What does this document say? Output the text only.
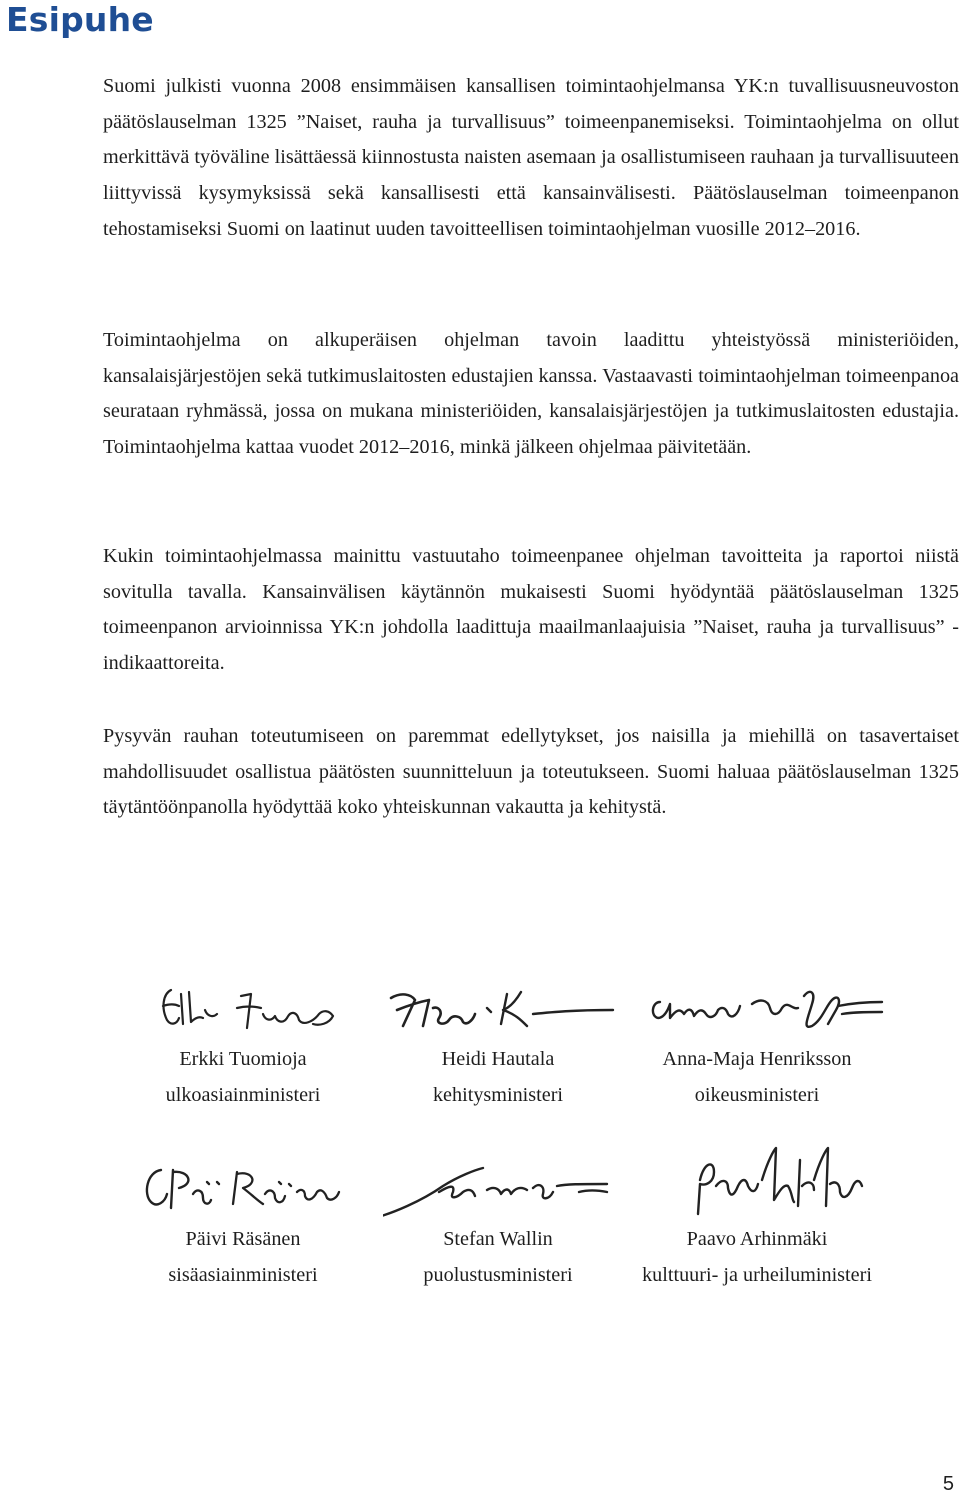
Esipuhe

Suomi julkisti vuonna 2008 ensimmäisen kansallisen toimintaohjelmansa YK:n tuvallisuusneuvoston päätöslauselman 1325 ”Naiset, rauha ja turvallisuus” toimeenpanemiseksi. Toimintaohjelma on ollut merkittävä työväline lisättäessä kiinnostusta naisten asemaan ja osallistumiseen rauhaan ja turvallisuuteen liittyvissä kysymyksissä sekä kansallisesti että kansainvälisesti. Päätöslauselman toimeenpanon tehostamiseksi Suomi on laatinut uuden tavoitteellisen toimintaohjelman vuosille 2012–2016.

Toimintaohjelma on alkuperäisen ohjelman tavoin laadittu yhteistyössä ministeriöiden, kansalaisjärjestöjen sekä tutkimuslaitosten edustajien kanssa. Vastaavasti toimintaohjelman toimeenpanoa seurataan ryhmässä, jossa on mukana ministeriöiden, kansalaisjärjestöjen ja tutkimuslaitosten edustajia. Toimintaohjelma kattaa vuodet 2012–2016, minkä jälkeen ohjelmaa päivitetään.

Kukin toimintaohjelmassa mainittu vastuutaho toimeenpanee ohjelman tavoitteita ja raportoi niistä sovitulla tavalla. Kansainvälisen käytännön mukaisesti Suomi hyödyntää päätöslauselman 1325 toimeenpanon arvioinnissa YK:n johdolla laadittuja maailmanlaajuisia ”Naiset, rauha ja turvallisuus” -indikaattoreita.

Pysyvän rauhan toteutumiseen on paremmat edellytykset, jos naisilla ja miehillä on tasavertaiset mahdollisuudet osallistua päätösten suunnitteluun ja toteutukseen. Suomi haluaa päätöslauselman 1325 täytäntöönpanolla hyödyttää koko yhteiskunnan vakautta ja kehitystä.

Erkki Tuomioja
ulkoasiainministeri
Heidi Hautala
kehitysministeri
Anna-Maja Henriksson
oikeusministeri
Päivi Räsänen
sisäasiainministeri
Stefan Wallin
puolustusministeri
Paavo Arhinmäki
kulttuuri- ja urheiluministeri
5
